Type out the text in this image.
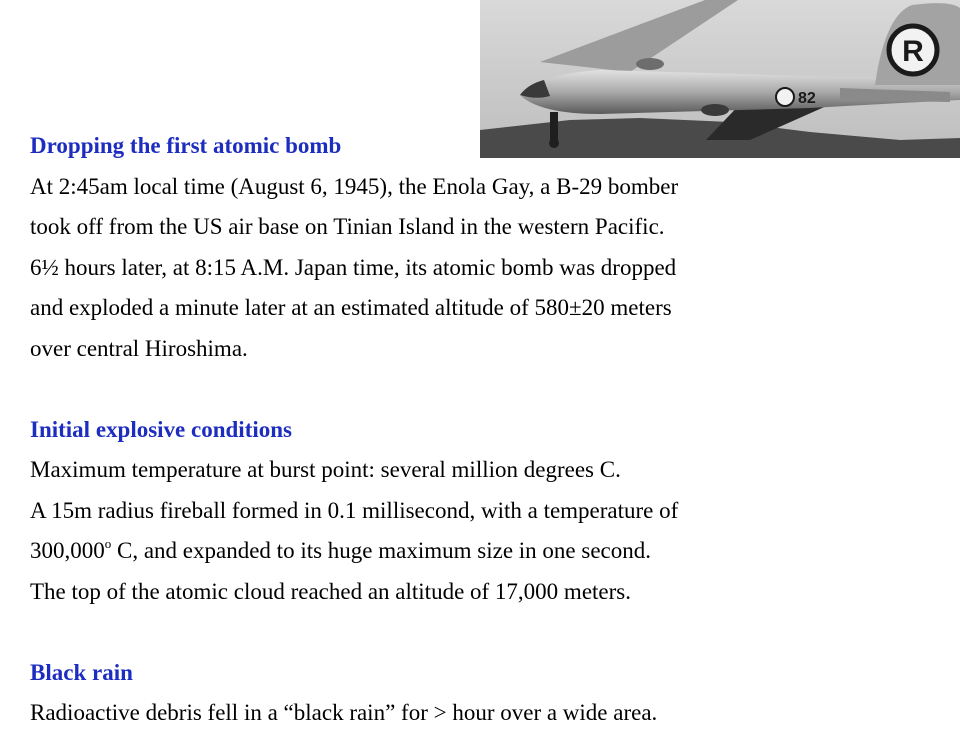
R
82
Dropping the first atomic bomb
At 2:45am local time (August 6, 1945), the Enola Gay, a B-29 bomber
took off from the US air base on Tinian Island in the western Pacific.
6½ hours later, at 8:15 A.M. Japan time, its atomic bomb was dropped
and exploded a minute later at an estimated altitude of 580±20 meters
over central Hiroshima.
Initial explosive conditions
Maximum temperature at burst point: several million degrees C.
A 15m radius fireball formed in 0.1 millisecond, with a temperature of
300,000$^o$ C, and expanded to its huge maximum size in one second.
The top of the atomic cloud reached an altitude of 17,000 meters.
Black rain
Radioactive debris fell in a “black rain” for > hour over a wide area.
